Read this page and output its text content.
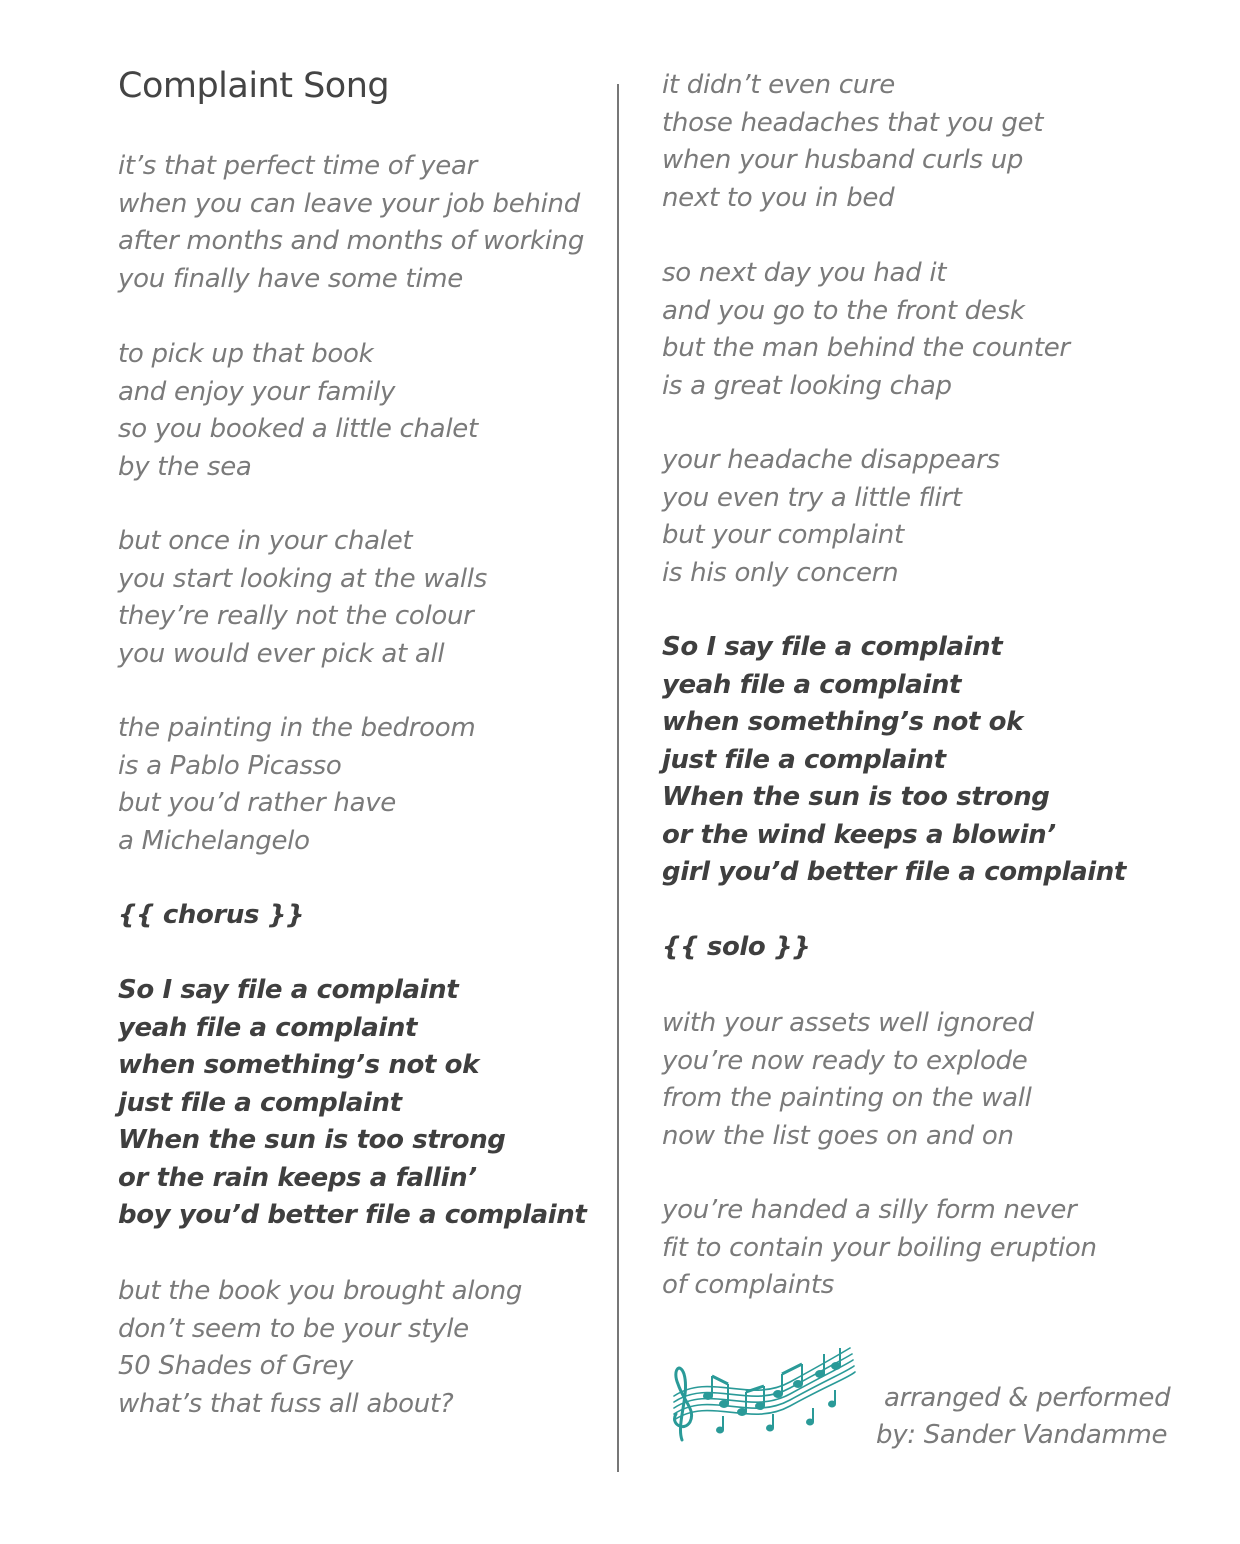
Complaint Song
it’s that perfect time of year
when you can leave your job behind
after months and months of working
you finally have some time
to pick up that book
and enjoy your family
so you booked a little chalet
by the sea
but once in your chalet
you start looking at the walls
they’re really not the colour
you would ever pick at all
the painting in the bedroom
is a Pablo Picasso
but you’d rather have
a Michelangelo
{{ chorus }}
So I say file a complaint
yeah file a complaint
when something’s not ok
just file a complaint
When the sun is too strong
or the rain keeps a fallin’
boy you’d better file a complaint
but the book you brought along
don’t seem to be your style
50 Shades of Grey
what’s that fuss all about?
it didn’t even cure
those headaches that you get
when your husband curls up
next to you in bed
so next day you had it
and you go to the front desk
but the man behind the counter
is a great looking chap
your headache disappears
you even try a little flirt
but your complaint
is his only concern
So I say file a complaint
yeah file a complaint
when something’s not ok
just file a complaint
When the sun is too strong
or the wind keeps a blowin’
girl you’d better file a complaint
{{ solo }}
with your assets well ignored
you’re now ready to explode
from the painting on the wall
now the list goes on and on
you’re handed a silly form never
fit to contain your boiling eruption
of complaints
arranged & performed
by: Sander Vandamme
